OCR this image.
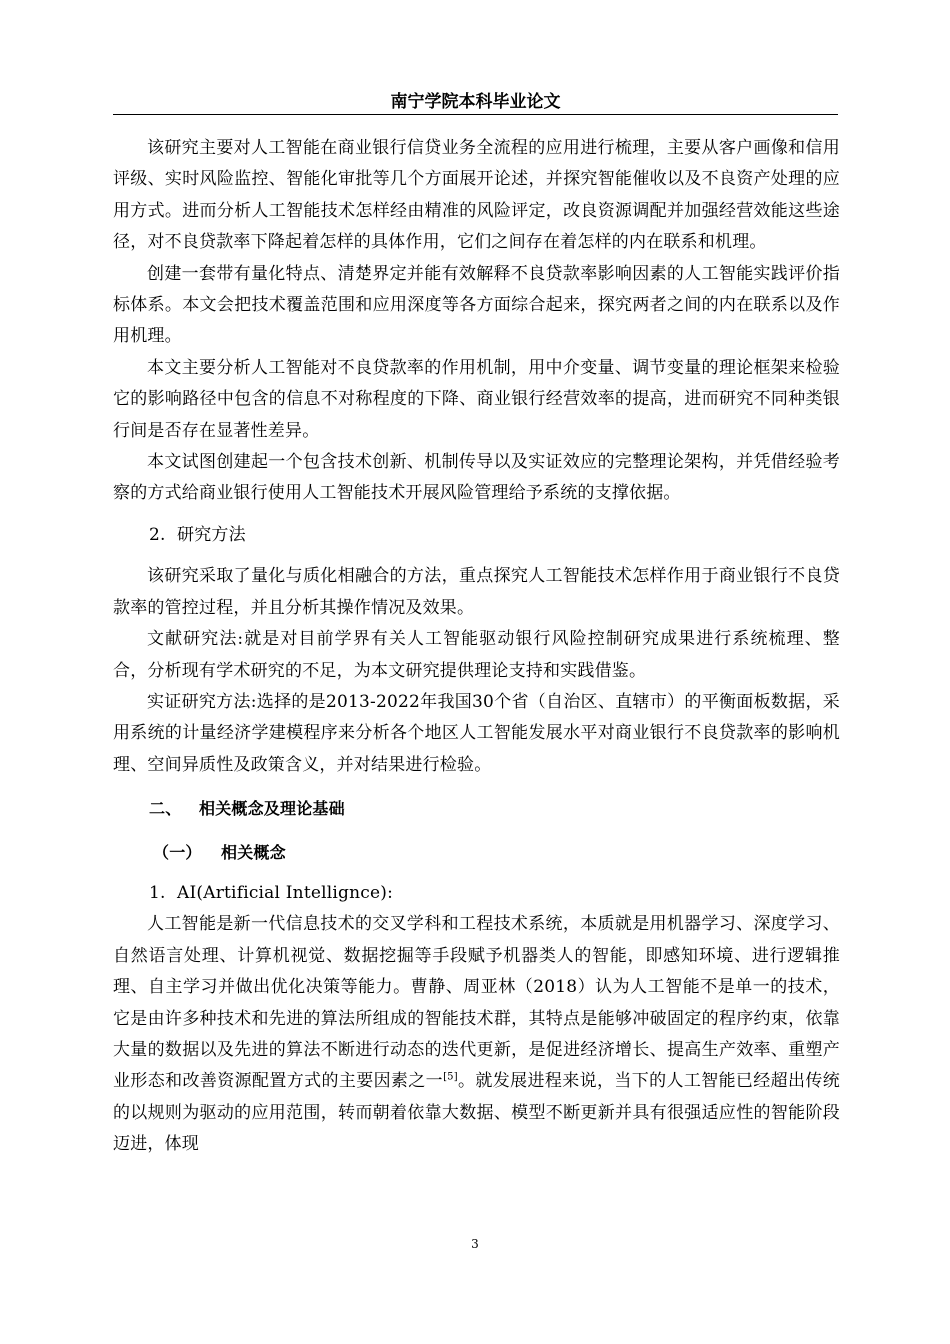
南宁学院本科毕业论文

该研究主要对人工智能在商业银行信贷业务全流程的应用进行梳理，主要从客户画像和信用评级、实时风险监控、智能化审批等几个方面展开论述，并探究智能催收以及不良资产处理的应用方式。进而分析人工智能技术怎样经由精准的风险评定，改良资源调配并加强经营效能这些途径，对不良贷款率下降起着怎样的具体作用，它们之间存在着怎样的内在联系和机理。

创建一套带有量化特点、清楚界定并能有效解释不良贷款率影响因素的人工智能实践评价指标体系。本文会把技术覆盖范围和应用深度等各方面综合起来，探究两者之间的内在联系以及作用机理。

本文主要分析人工智能对不良贷款率的作用机制，用中介变量、调节变量的理论框架来检验它的影响路径中包含的信息不对称程度的下降、商业银行经营效率的提高，进而研究不同种类银行间是否存在显著性差异。

本文试图创建起一个包含技术创新、机制传导以及实证效应的完整理论架构，并凭借经验考察的方式给商业银行使用人工智能技术开展风险管理给予系统的支撑依据。

2. 研究方法

该研究采取了量化与质化相融合的方法，重点探究人工智能技术怎样作用于商业银行不良贷款率的管控过程，并且分析其操作情况及效果。

文献研究法:就是对目前学界有关人工智能驱动银行风险控制研究成果进行系统梳理、整合，分析现有学术研究的不足，为本文研究提供理论支持和实践借鉴。

实证研究方法:选择的是2013-2022年我国30个省（自治区、直辖市）的平衡面板数据，采用系统的计量经济学建模程序来分析各个地区人工智能发展水平对商业银行不良贷款率的影响机理、空间异质性及政策含义，并对结果进行检验。

二、 相关概念及理论基础

（一） 相关概念

1. AI(Artificial Intellignce):

人工智能是新一代信息技术的交叉学科和工程技术系统，本质就是用机器学习、深度学习、自然语言处理、计算机视觉、数据挖掘等手段赋予机器类人的智能，即感知环境、进行逻辑推理、自主学习并做出优化决策等能力。曹静、周亚林（2018）认为人工智能不是单一的技术，它是由许多种技术和先进的算法所组成的智能技术群，其特点是能够冲破固定的程序约束，依靠大量的数据以及先进的算法不断进行动态的迭代更新，是促进经济增长、提高生产效率、重塑产业形态和改善资源配置方式的主要因素之一[5]。就发展进程来说，当下的人工智能已经超出传统的以规则为驱动的应用范围，转而朝着依靠大数据、模型不断更新并具有很强适应性的智能阶段迈进，体现

3
